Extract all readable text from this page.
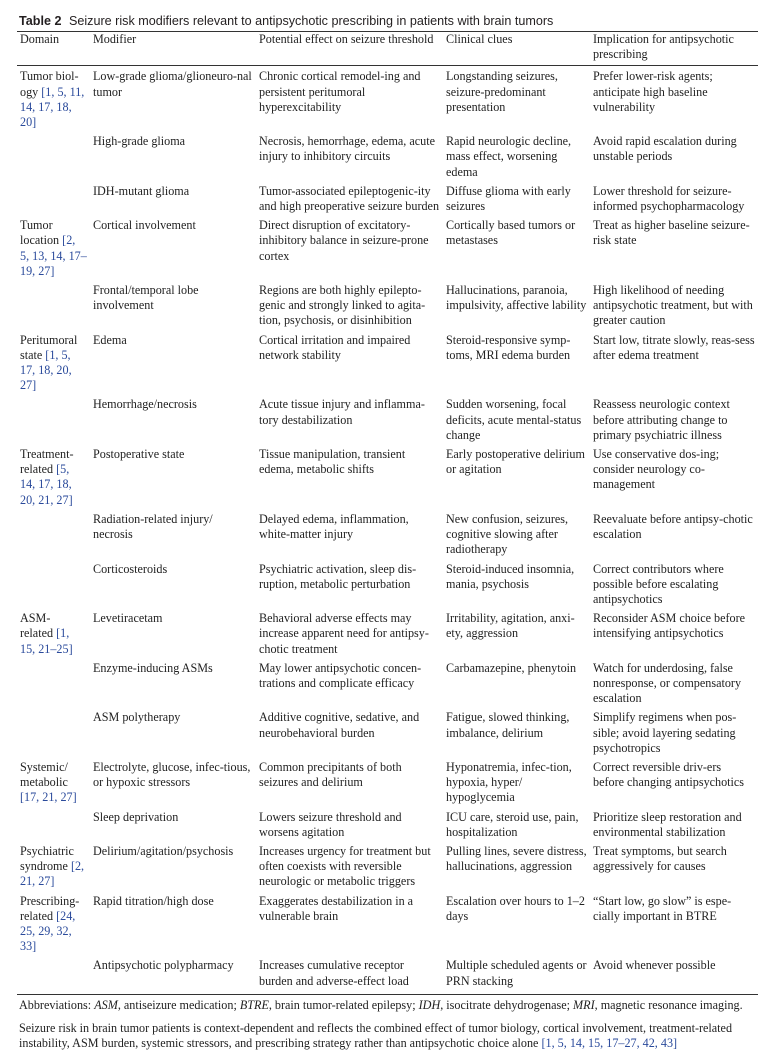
Table 2 Seizure risk modifiers relevant to antipsychotic prescribing in patients with brain tumors
Domain	Modifier	Potential effect on seizure threshold	Clinical clues	Implication for antipsychotic prescribing
Tumor biol-
ogy [1, 5, 11, 14, 17, 18, 20]	Low-grade glioma/glioneuro-nal tumor	Chronic cortical remodel-ing and persistent peritumoral hyperexcitability	Longstanding seizures, seizure-predominant presentation	Prefer lower-risk agents; anticipate high baseline vulnerability
	High-grade glioma	Necrosis, hemorrhage, edema, acute injury to inhibitory circuits	Rapid neurologic decline, mass effect, worsening edema	Avoid rapid escalation during unstable periods
	IDH-mutant glioma	Tumor-associated epileptogenic-ity and high preoperative seizure burden	Diffuse glioma with early seizures	Lower threshold for seizure-informed psychopharmacology
Tumor
location [2, 5, 13, 14, 17–19, 27]	Cortical involvement	Direct disruption of excitatory-inhibitory balance in seizure-prone cortex	Cortically based tumors or metastases	Treat as higher baseline seizure-risk state
	Frontal/temporal lobe involvement	Regions are both highly epilepto-genic and strongly linked to agita-tion, psychosis, or disinhibition	Hallucinations, paranoia, impulsivity, affective lability	High likelihood of needing antipsychotic treatment, but with greater caution
Peritumoral
state [1, 5, 17, 18, 20, 27]	Edema	Cortical irritation and impaired network stability	Steroid-responsive symp-toms, MRI edema burden	Start low, titrate slowly, reas-sess after edema treatment
	Hemorrhage/necrosis	Acute tissue injury and inflamma-tory destabilization	Sudden worsening, focal deficits, acute mental-status change	Reassess neurologic context before attributing change to primary psychiatric illness
Treatment-
related [5, 14, 17, 18, 20, 21, 27]	Postoperative state	Tissue manipulation, transient edema, metabolic shifts	Early postoperative delirium or agitation	Use conservative dos-ing; consider neurology co-management
	Radiation-related injury/ necrosis	Delayed edema, inflammation, white-matter injury	New confusion, seizures, cognitive slowing after radiotherapy	Reevaluate before antipsy-chotic escalation
	Corticosteroids	Psychiatric activation, sleep dis-ruption, metabolic perturbation	Steroid-induced insomnia, mania, psychosis	Correct contributors where possible before escalating antipsychotics
ASM-
related [1, 15, 21–25]	Levetiracetam	Behavioral adverse effects may increase apparent need for antipsy-chotic treatment	Irritability, agitation, anxi-ety, aggression	Reconsider ASM choice before intensifying antipsychotics
	Enzyme-inducing ASMs	May lower antipsychotic concen-trations and complicate efficacy	Carbamazepine, phenytoin	Watch for underdosing, false nonresponse, or compensatory escalation
	ASM polytherapy	Additive cognitive, sedative, and neurobehavioral burden	Fatigue, slowed thinking, imbalance, delirium	Simplify regimens when pos-sible; avoid layering sedating psychotropics
Systemic/
metabolic [17, 21, 27]	Electrolyte, glucose, infec-tious, or hypoxic stressors	Common precipitants of both seizures and delirium	Hyponatremia, infec-tion, hypoxia, hyper/ hypoglycemia	Correct reversible driv-ers before changing antipsychotics
	Sleep deprivation	Lowers seizure threshold and worsens agitation	ICU care, steroid use, pain, hospitalization	Prioritize sleep restoration and environmental stabilization
Psychiatric
syndrome [2, 21, 27]	Delirium/agitation/psychosis	Increases urgency for treatment but often coexists with reversible neurologic or metabolic triggers	Pulling lines, severe distress, hallucinations, aggression	Treat symptoms, but search aggressively for causes
Prescribing-
related [24, 25, 29, 32, 33]	Rapid titration/high dose	Exaggerates destabilization in a vulnerable brain	Escalation over hours to 1–2 days	“Start low, go slow” is espe-cially important in BTRE
	Antipsychotic polypharmacy	Increases cumulative receptor burden and adverse-effect load	Multiple scheduled agents or PRN stacking	Avoid whenever possible
Abbreviations: ASM, antiseizure medication; BTRE, brain tumor-related epilepsy; IDH, isocitrate dehydrogenase; MRI, magnetic resonance imaging.
Seizure risk in brain tumor patients is context-dependent and reflects the combined effect of tumor biology, cortical involvement, treatment-related instability, ASM burden, systemic stressors, and prescribing strategy rather than antipsychotic choice alone [1, 5, 14, 15, 17–27, 42, 43]
